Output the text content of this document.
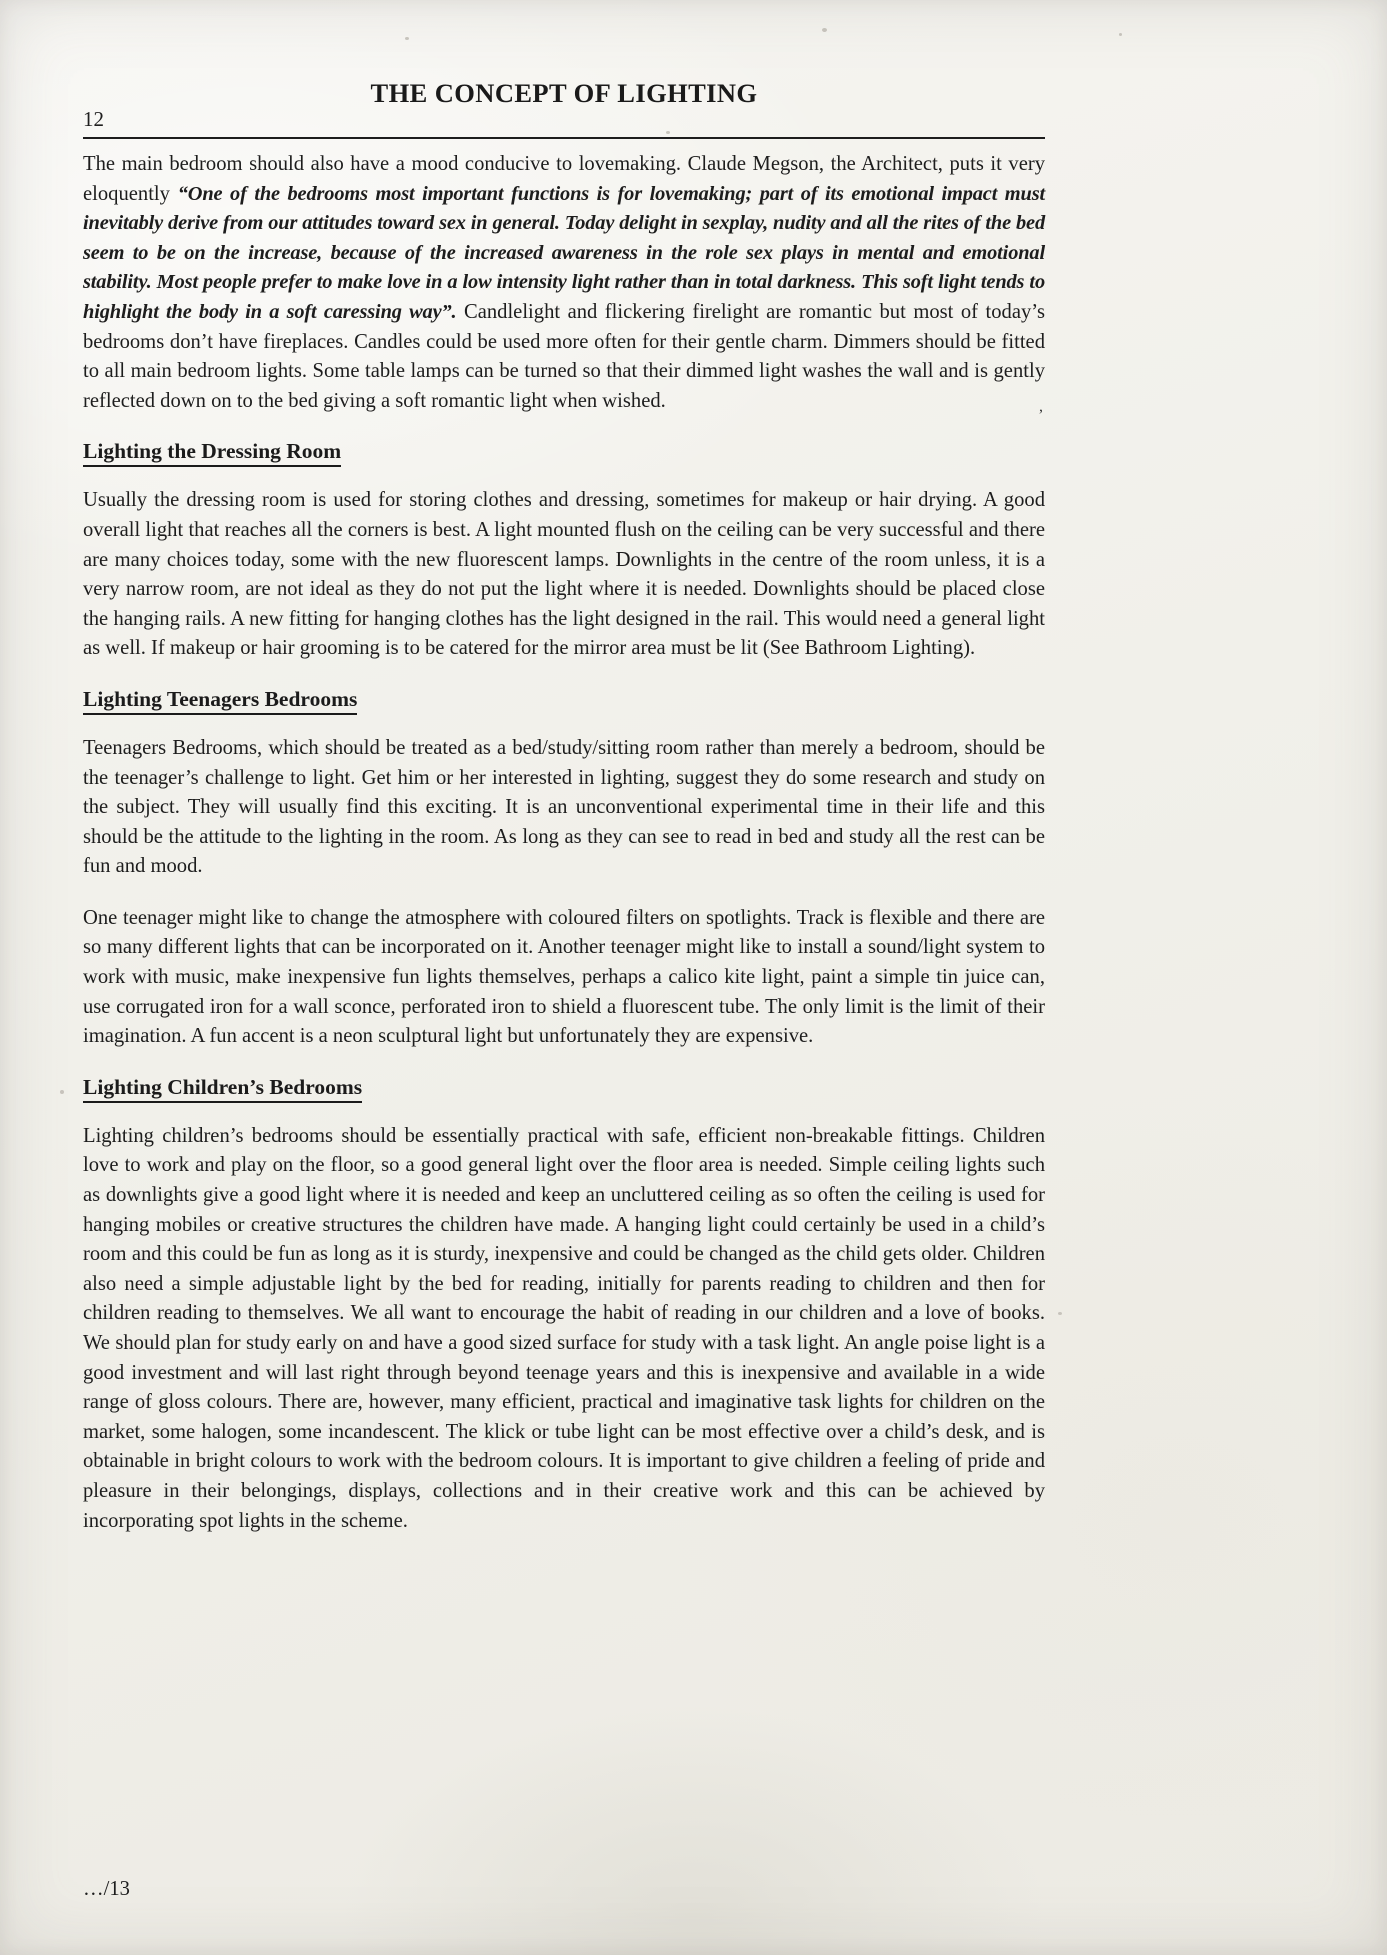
,
THE CONCEPT OF LIGHTING
12

The main bedroom should also have a mood conducive to lovemaking. Claude Megson, the Architect, puts it very eloquently “One of the bedrooms most important functions is for lovemaking; part of its emotional impact must inevitably derive from our attitudes toward sex in general. Today delight in sexplay, nudity and all the rites of the bed seem to be on the increase, because of the increased awareness in the role sex plays in mental and emotional stability. Most people prefer to make love in a low intensity light rather than in total darkness. This soft light tends to highlight the body in a soft caressing way”. Candlelight and flickering firelight are romantic but most of today’s bedrooms don’t have fireplaces. Candles could be used more often for their gentle charm. Dimmers should be fitted to all main bedroom lights. Some table lamps can be turned so that their dimmed light washes the wall and is gently reflected down on to the bed giving a soft romantic light when wished.

Lighting the Dressing Room

Usually the dressing room is used for storing clothes and dressing, sometimes for makeup or hair drying. A good overall light that reaches all the corners is best. A light mounted flush on the ceiling can be very successful and there are many choices today, some with the new fluorescent lamps. Downlights in the centre of the room unless, it is a very narrow room, are not ideal as they do not put the light where it is needed. Downlights should be placed close the hanging rails. A new fitting for hanging clothes has the light designed in the rail. This would need a general light as well. If makeup or hair grooming is to be catered for the mirror area must be lit (See Bathroom Lighting).

Lighting Teenagers Bedrooms

Teenagers Bedrooms, which should be treated as a bed/study/sitting room rather than merely a bedroom, should be the teenager’s challenge to light. Get him or her interested in lighting, suggest they do some research and study on the subject. They will usually find this exciting. It is an unconventional experimental time in their life and this should be the attitude to the lighting in the room. As long as they can see to read in bed and study all the rest can be fun and mood.

One teenager might like to change the atmosphere with coloured filters on spotlights. Track is flexible and there are so many different lights that can be incorporated on it. Another teenager might like to install a sound/light system to work with music, make inexpensive fun lights themselves, perhaps a calico kite light, paint a simple tin juice can, use corrugated iron for a wall sconce, perforated iron to shield a fluorescent tube. The only limit is the limit of their imagination. A fun accent is a neon sculptural light but unfortunately they are expensive.

Lighting Children’s Bedrooms

Lighting children’s bedrooms should be essentially practical with safe, efficient non-breakable fittings. Children love to work and play on the floor, so a good general light over the floor area is needed. Simple ceiling lights such as downlights give a good light where it is needed and keep an uncluttered ceiling as so often the ceiling is used for hanging mobiles or creative structures the children have made. A hanging light could certainly be used in a child’s room and this could be fun as long as it is sturdy, inexpensive and could be changed as the child gets older. Children also need a simple adjustable light by the bed for reading, initially for parents reading to children and then for children reading to themselves. We all want to encourage the habit of reading in our children and a love of books. We should plan for study early on and have a good sized surface for study with a task light. An angle poise light is a good investment and will last right through beyond teenage years and this is inexpensive and available in a wide range of gloss colours. There are, however, many efficient, practical and imaginative task lights for children on the market, some halogen, some incandescent. The klick or tube light can be most effective over a child’s desk, and is obtainable in bright colours to work with the bedroom colours. It is important to give children a feeling of pride and pleasure in their belongings, displays, collections and in their creative work and this can be achieved by incorporating spot lights in the scheme.

…/13
